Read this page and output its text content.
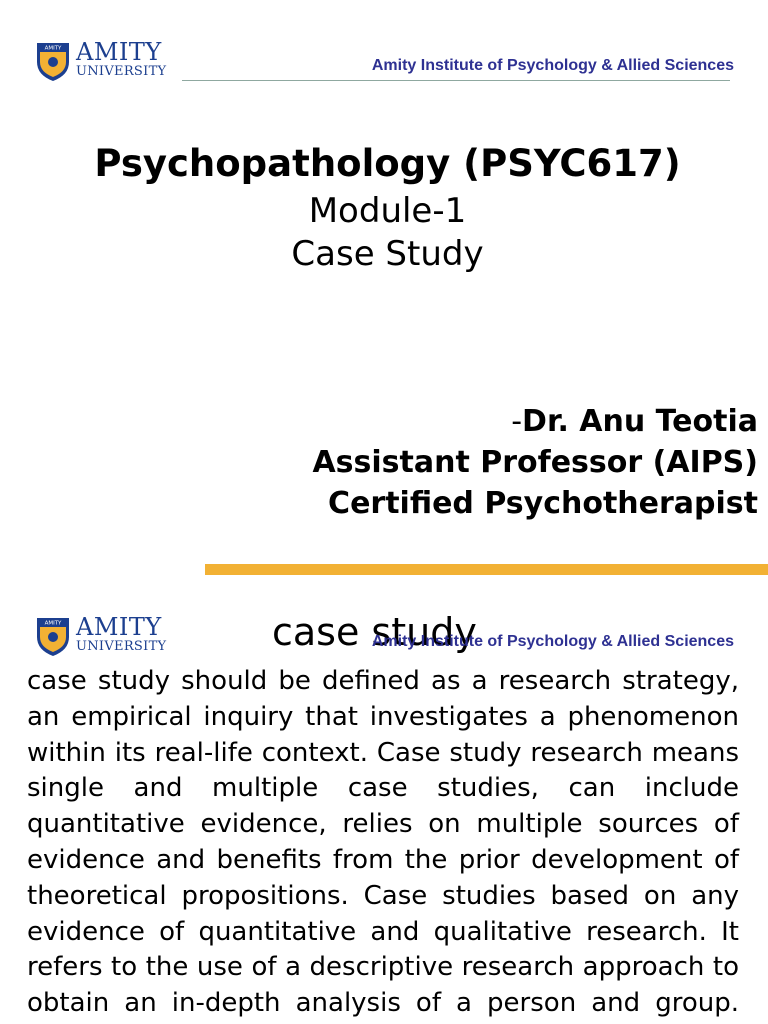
AMITY AMITY
UNIVERSITY	Amity Institute of Psychology & Allied Sciences
Psychopathology (PSYC617)
Module-1
Case Study
-Dr. Anu Teotia
Assistant Professor (AIPS)
Certified Psychotherapist
AMITY AMITY
UNIVERSITY	case study
Amity Institute of Psychology & Allied Sciences
case study should be defined as a research strategy, an empirical inquiry that investigates a phenomenon within its real-life context. Case study research means single and multiple case studies, can include quantitative evidence, relies on multiple sources of evidence and benefits from the prior development of theoretical propositions. Case studies based on any evidence of quantitative and qualitative research. It refers to the use of a descriptive research approach to obtain an in-depth analysis of a person and group.
